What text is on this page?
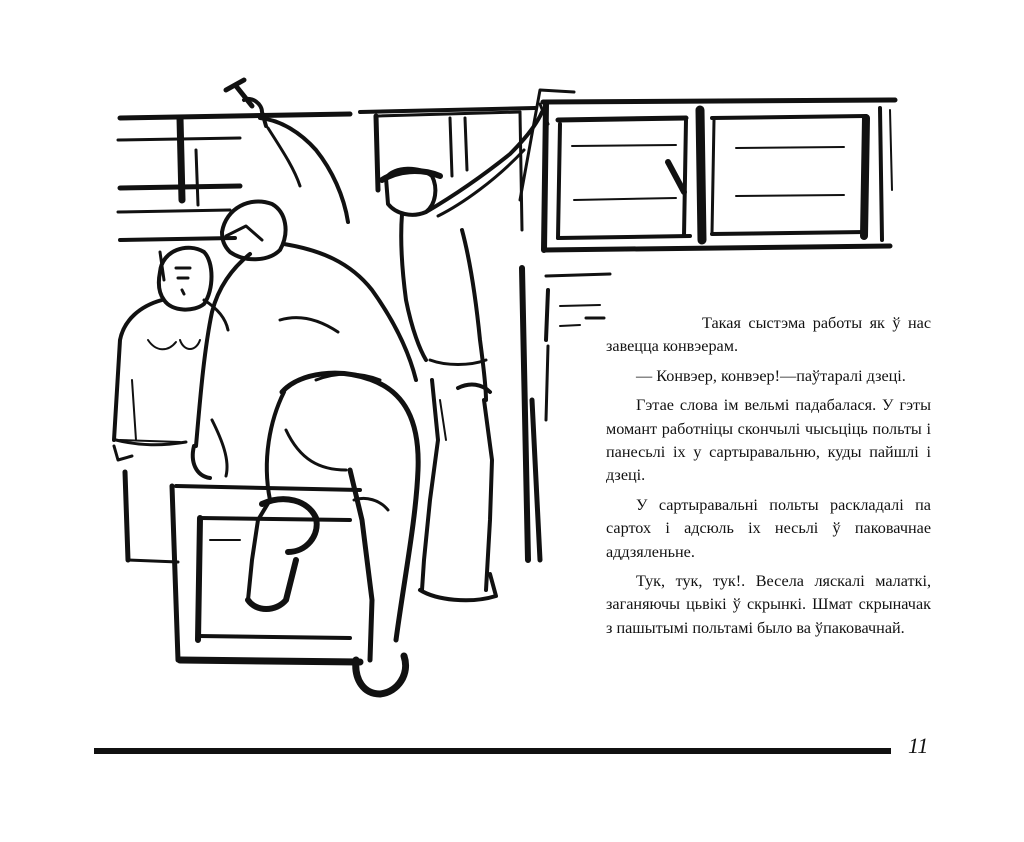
Такая сыстэма работы як ў нас завецца конвэерам.

— Конвэер, конвэер!—паўтаралі дзеці.

Гэтае слова ім вельмі падабалася. У гэты момант работніцы скончылі чысьціць польты і панесьлі іх у сартыравальню, куды пайшлі і дзеці.

У сартыравальні польты раскладалі па сартох і адсюль іх несьлі ў паковачнае аддзяленьне.

Тук, тук, тук!. Весела ляскалі малаткі, заганяючы цьвікі ў скрынкі. Шмат скрыначак з пашытымі польтамі было ва ўпаковачнай.

11
